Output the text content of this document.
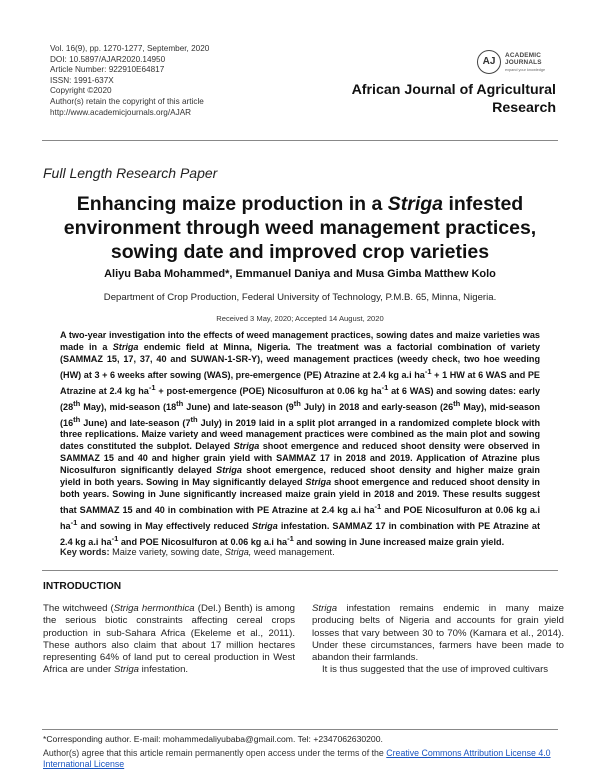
Vol. 16(9), pp. 1270-1277, September, 2020
DOI: 10.5897/AJAR2020.14950
Article Number: 922910E64817
ISSN: 1991-637X
Copyright ©2020
Author(s) retain the copyright of this article
http://www.academicjournals.org/AJAR
AJ
ACADEMIC
JOURNALS
expand your knowledge
African Journal of Agricultural
Research
Full Length Research Paper
Enhancing maize production in a Striga infested
environment through weed management practices,
sowing date and improved crop varieties
Aliyu Baba Mohammed*, Emmanuel Daniya and Musa Gimba Matthew Kolo
Department of Crop Production, Federal University of Technology, P.M.B. 65, Minna, Nigeria.
Received 3 May, 2020; Accepted 14 August, 2020
A two-year investigation into the effects of weed management practices, sowing dates and maize varieties was made in a Striga endemic field at Minna, Nigeria. The treatment was a factorial combination of variety (SAMMAZ 15, 17, 37, 40 and SUWAN-1-SR-Y), weed management practices (weedy check, two hoe weeding (HW) at 3 + 6 weeks after sowing (WAS), pre-emergence (PE) Atrazine at 2.4 kg a.i $ha^{-1} + 1$ HW at 6 WAS and PE Atrazine at 2.4 kg $ha^{-1}$ + post-emergence (POE) Nicosulfuron at 0.06 kg $ha^{-1}$ at 6 WAS) and sowing dates: early (28th May), mid-season (18th June) and late-season (9th July) in 2018 and early-season (26th May), mid-season (16th June) and late-season (7th July) in 2019 laid in a split plot arranged in a randomized complete block with three replications. Maize variety and weed management practices were combined as the main plot and sowing dates constituted the subplot. Delayed Striga shoot emergence and reduced shoot density were observed in SAMMAZ 15 and 40 and higher grain yield with SAMMAZ 17 in 2018 and 2019. Application of Atrazine plus Nicosulfuron significantly delayed Striga shoot emergence, reduced shoot density and higher maize grain yield in both years. Sowing in May significantly delayed Striga shoot emergence and reduced shoot density in both years. Sowing in June significantly increased maize grain yield in 2018 and 2019. These results suggest that SAMMAZ 15 and 40 in combination with PE Atrazine at 2.4 kg a.i $ha^{-1}$ and POE Nicosulfuron at 0.06 kg a.i $ha^{-1}$ and sowing in May effectively reduced Striga infestation. SAMMAZ 17 in combination with PE Atrazine at 2.4 kg a.i $ha^{-1}$ and POE Nicosulfuron at 0.06 kg a.i $ha^{-1}$ and sowing in June increased maize grain yield.
Key words: Maize variety, sowing date, Striga, weed management.
INTRODUCTION

The witchweed (Striga hermonthica (Del.) Benth) is among the serious biotic constraints affecting cereal crops production in sub-Sahara Africa (Ekeleme et al., 2011). These authors also claim that about 17 million hectares representing 64% of land put to cereal production in West Africa are under Striga infestation.

Striga infestation remains endemic in many maize producing belts of Nigeria and accounts for grain yield losses that vary between 30 to 70% (Kamara et al., 2014). Under these circumstances, farmers have been made to abandon their farmlands.

It is thus suggested that the use of improved cultivars

*Corresponding author. E-mail: mohammedaliyubaba@gmail.com. Tel: +2347062630200.
Author(s) agree that this article remain permanently open access under the terms of the Creative Commons Attribution License 4.0 International License
